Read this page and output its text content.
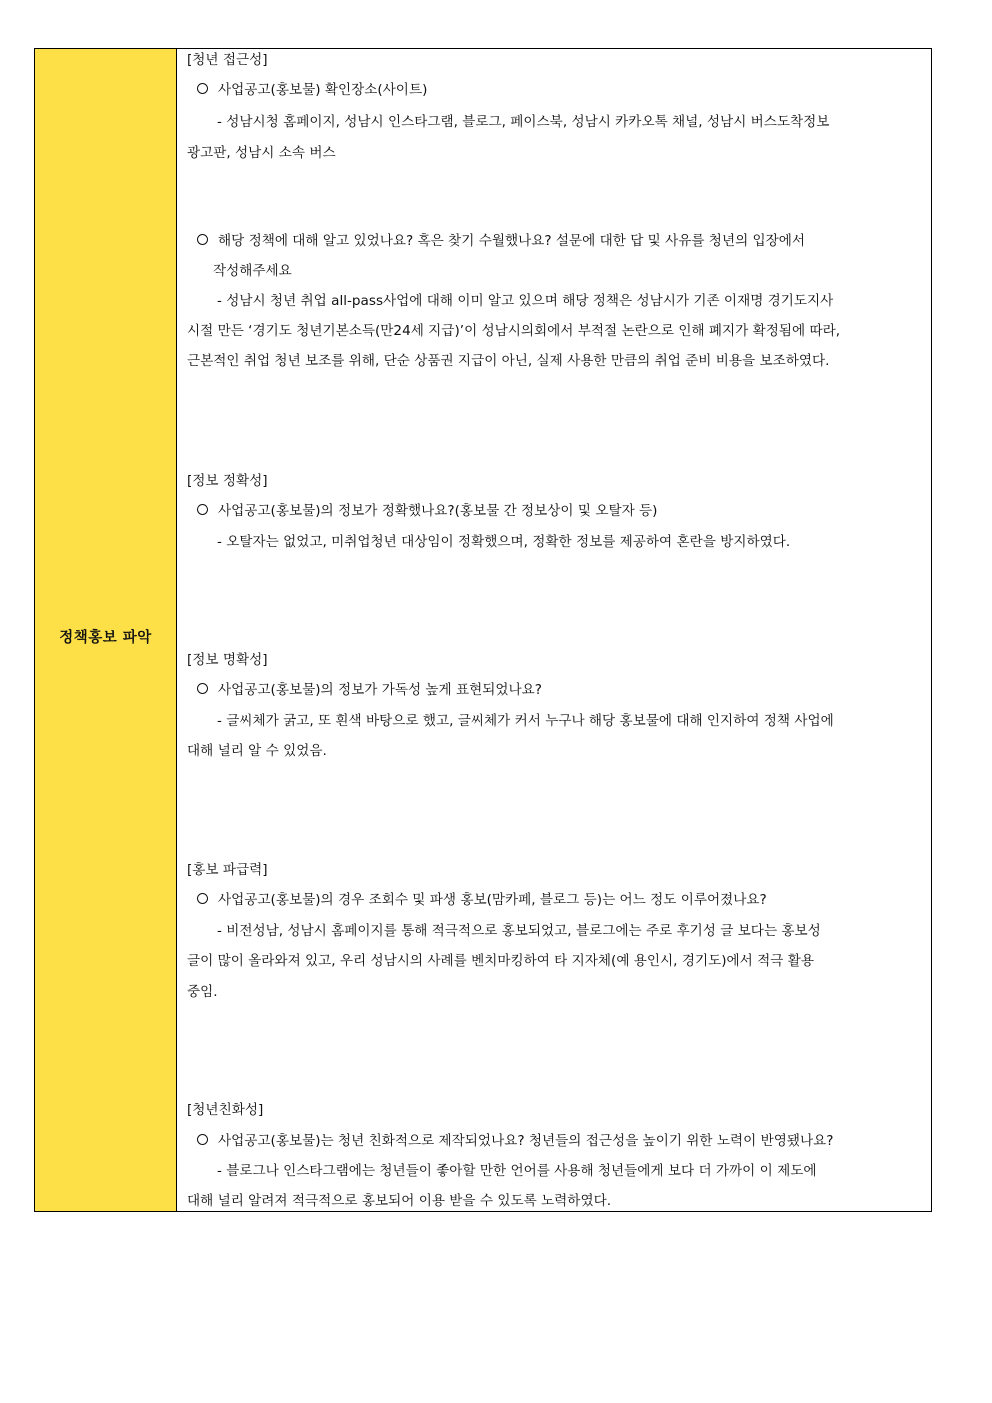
정책홍보 파악
[청년 접근성]
사업공고(홍보물) 확인장소(사이트)
- 성남시청 홈페이지, 성남시 인스타그램, 블로그, 페이스북, 성남시 카카오톡 채널, 성남시 버스도착정보
광고판, 성남시 소속 버스
해당 정책에 대해 알고 있었나요? 혹은 찾기 수월했나요? 설문에 대한 답 및 사유를 청년의 입장에서
작성해주세요
- 성남시 청년 취업 all-pass사업에 대해 이미 알고 있으며 해당 정책은 성남시가 기존 이재명 경기도지사
시절 만든 ‘경기도 청년기본소득(만24세 지급)’이 성남시의회에서 부적절 논란으로 인해 폐지가 확정됨에 따라,
근본적인 취업 청년 보조를 위해, 단순 상품권 지급이 아닌, 실제 사용한 만큼의 취업 준비 비용을 보조하였다.
[정보 정확성]
사업공고(홍보물)의 정보가 정확했나요?(홍보물 간 정보상이 및 오탈자 등)
- 오탈자는 없었고, 미취업청년 대상임이 정확했으며, 정확한 정보를 제공하여 혼란을 방지하였다.
[정보 명확성]
사업공고(홍보물)의 정보가 가독성 높게 표현되었나요?
- 글씨체가 굵고, 또 흰색 바탕으로 했고, 글씨체가 커서 누구나 해당 홍보물에 대해 인지하여 정책 사업에
대해 널리 알 수 있었음.
[홍보 파급력]
사업공고(홍보물)의 경우 조회수 및 파생 홍보(맘카페, 블로그 등)는 어느 정도 이루어졌나요?
- 비전성남, 성남시 홈페이지를 통해 적극적으로 홍보되었고, 블로그에는 주로 후기성 글 보다는 홍보성
글이 많이 올라와져 있고, 우리 성남시의 사례를 벤치마킹하여 타 지자체(예 용인시, 경기도)에서 적극 활용
중임.
[청년친화성]
사업공고(홍보물)는 청년 친화적으로 제작되었나요? 청년들의 접근성을 높이기 위한 노력이 반영됐나요?
- 블로그나 인스타그램에는 청년들이 좋아할 만한 언어를 사용해 청년들에게 보다 더 가까이 이 제도에
대해 널리 알려져 적극적으로 홍보되어 이용 받을 수 있도록 노력하였다.
